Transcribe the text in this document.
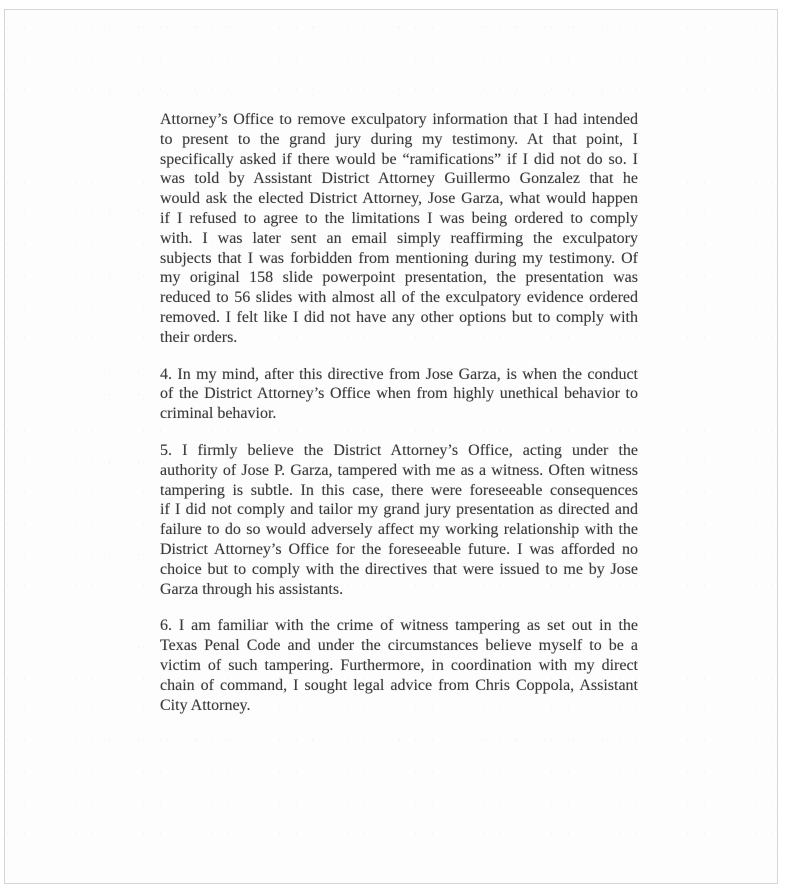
Attorney’s Office to remove exculpatory information that I had intended
to present to the grand jury during my testimony. At that point, I
specifically asked if there would be “ramifications” if I did not do so. I
was told by Assistant District Attorney Guillermo Gonzalez that he
would ask the elected District Attorney, Jose Garza, what would happen
if I refused to agree to the limitations I was being ordered to comply
with. I was later sent an email simply reaffirming the exculpatory
subjects that I was forbidden from mentioning during my testimony. Of
my original 158 slide powerpoint presentation, the presentation was
reduced to 56 slides with almost all of the exculpatory evidence ordered
removed. I felt like I did not have any other options but to comply with
their orders.

4. In my mind, after this directive from Jose Garza, is when the conduct
of the District Attorney’s Office when from highly unethical behavior to
criminal behavior.

5. I firmly believe the District Attorney’s Office, acting under the
authority of Jose P. Garza, tampered with me as a witness. Often witness
tampering is subtle. In this case, there were foreseeable consequences
if I did not comply and tailor my grand jury presentation as directed and
failure to do so would adversely affect my working relationship with the
District Attorney’s Office for the foreseeable future. I was afforded no
choice but to comply with the directives that were issued to me by Jose
Garza through his assistants.

6. I am familiar with the crime of witness tampering as set out in the
Texas Penal Code and under the circumstances believe myself to be a
victim of such tampering. Furthermore, in coordination with my direct
chain of command, I sought legal advice from Chris Coppola, Assistant
City Attorney.
